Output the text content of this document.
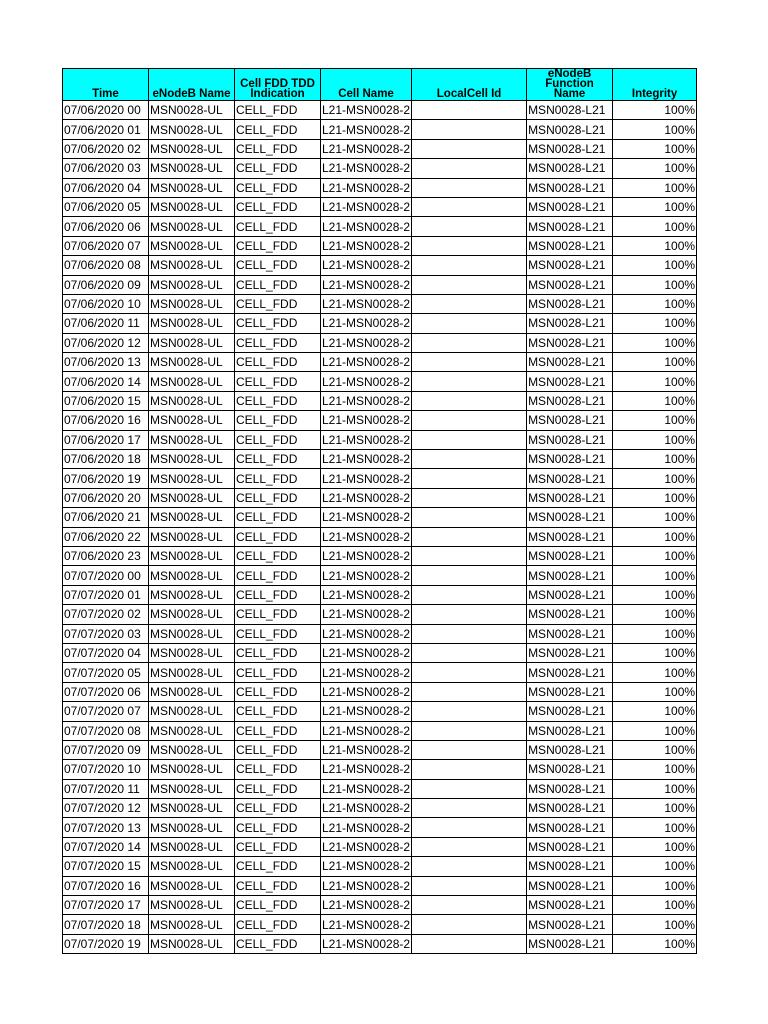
Time	eNodeB Name	Cell FDD TDD Indication	Cell Name	LocalCell Id	eNodeB Function Name	Integrity
07/06/2020 00	MSN0028-UL	CELL_FDD	L21-MSN0028-2		MSN0028-L21	100%
07/06/2020 01	MSN0028-UL	CELL_FDD	L21-MSN0028-2		MSN0028-L21	100%
07/06/2020 02	MSN0028-UL	CELL_FDD	L21-MSN0028-2		MSN0028-L21	100%
07/06/2020 03	MSN0028-UL	CELL_FDD	L21-MSN0028-2		MSN0028-L21	100%
07/06/2020 04	MSN0028-UL	CELL_FDD	L21-MSN0028-2		MSN0028-L21	100%
07/06/2020 05	MSN0028-UL	CELL_FDD	L21-MSN0028-2		MSN0028-L21	100%
07/06/2020 06	MSN0028-UL	CELL_FDD	L21-MSN0028-2		MSN0028-L21	100%
07/06/2020 07	MSN0028-UL	CELL_FDD	L21-MSN0028-2		MSN0028-L21	100%
07/06/2020 08	MSN0028-UL	CELL_FDD	L21-MSN0028-2		MSN0028-L21	100%
07/06/2020 09	MSN0028-UL	CELL_FDD	L21-MSN0028-2		MSN0028-L21	100%
07/06/2020 10	MSN0028-UL	CELL_FDD	L21-MSN0028-2		MSN0028-L21	100%
07/06/2020 11	MSN0028-UL	CELL_FDD	L21-MSN0028-2		MSN0028-L21	100%
07/06/2020 12	MSN0028-UL	CELL_FDD	L21-MSN0028-2		MSN0028-L21	100%
07/06/2020 13	MSN0028-UL	CELL_FDD	L21-MSN0028-2		MSN0028-L21	100%
07/06/2020 14	MSN0028-UL	CELL_FDD	L21-MSN0028-2		MSN0028-L21	100%
07/06/2020 15	MSN0028-UL	CELL_FDD	L21-MSN0028-2		MSN0028-L21	100%
07/06/2020 16	MSN0028-UL	CELL_FDD	L21-MSN0028-2		MSN0028-L21	100%
07/06/2020 17	MSN0028-UL	CELL_FDD	L21-MSN0028-2		MSN0028-L21	100%
07/06/2020 18	MSN0028-UL	CELL_FDD	L21-MSN0028-2		MSN0028-L21	100%
07/06/2020 19	MSN0028-UL	CELL_FDD	L21-MSN0028-2		MSN0028-L21	100%
07/06/2020 20	MSN0028-UL	CELL_FDD	L21-MSN0028-2		MSN0028-L21	100%
07/06/2020 21	MSN0028-UL	CELL_FDD	L21-MSN0028-2		MSN0028-L21	100%
07/06/2020 22	MSN0028-UL	CELL_FDD	L21-MSN0028-2		MSN0028-L21	100%
07/06/2020 23	MSN0028-UL	CELL_FDD	L21-MSN0028-2		MSN0028-L21	100%
07/07/2020 00	MSN0028-UL	CELL_FDD	L21-MSN0028-2		MSN0028-L21	100%
07/07/2020 01	MSN0028-UL	CELL_FDD	L21-MSN0028-2		MSN0028-L21	100%
07/07/2020 02	MSN0028-UL	CELL_FDD	L21-MSN0028-2		MSN0028-L21	100%
07/07/2020 03	MSN0028-UL	CELL_FDD	L21-MSN0028-2		MSN0028-L21	100%
07/07/2020 04	MSN0028-UL	CELL_FDD	L21-MSN0028-2		MSN0028-L21	100%
07/07/2020 05	MSN0028-UL	CELL_FDD	L21-MSN0028-2		MSN0028-L21	100%
07/07/2020 06	MSN0028-UL	CELL_FDD	L21-MSN0028-2		MSN0028-L21	100%
07/07/2020 07	MSN0028-UL	CELL_FDD	L21-MSN0028-2		MSN0028-L21	100%
07/07/2020 08	MSN0028-UL	CELL_FDD	L21-MSN0028-2		MSN0028-L21	100%
07/07/2020 09	MSN0028-UL	CELL_FDD	L21-MSN0028-2		MSN0028-L21	100%
07/07/2020 10	MSN0028-UL	CELL_FDD	L21-MSN0028-2		MSN0028-L21	100%
07/07/2020 11	MSN0028-UL	CELL_FDD	L21-MSN0028-2		MSN0028-L21	100%
07/07/2020 12	MSN0028-UL	CELL_FDD	L21-MSN0028-2		MSN0028-L21	100%
07/07/2020 13	MSN0028-UL	CELL_FDD	L21-MSN0028-2		MSN0028-L21	100%
07/07/2020 14	MSN0028-UL	CELL_FDD	L21-MSN0028-2		MSN0028-L21	100%
07/07/2020 15	MSN0028-UL	CELL_FDD	L21-MSN0028-2		MSN0028-L21	100%
07/07/2020 16	MSN0028-UL	CELL_FDD	L21-MSN0028-2		MSN0028-L21	100%
07/07/2020 17	MSN0028-UL	CELL_FDD	L21-MSN0028-2		MSN0028-L21	100%
07/07/2020 18	MSN0028-UL	CELL_FDD	L21-MSN0028-2		MSN0028-L21	100%
07/07/2020 19	MSN0028-UL	CELL_FDD	L21-MSN0028-2		MSN0028-L21	100%
